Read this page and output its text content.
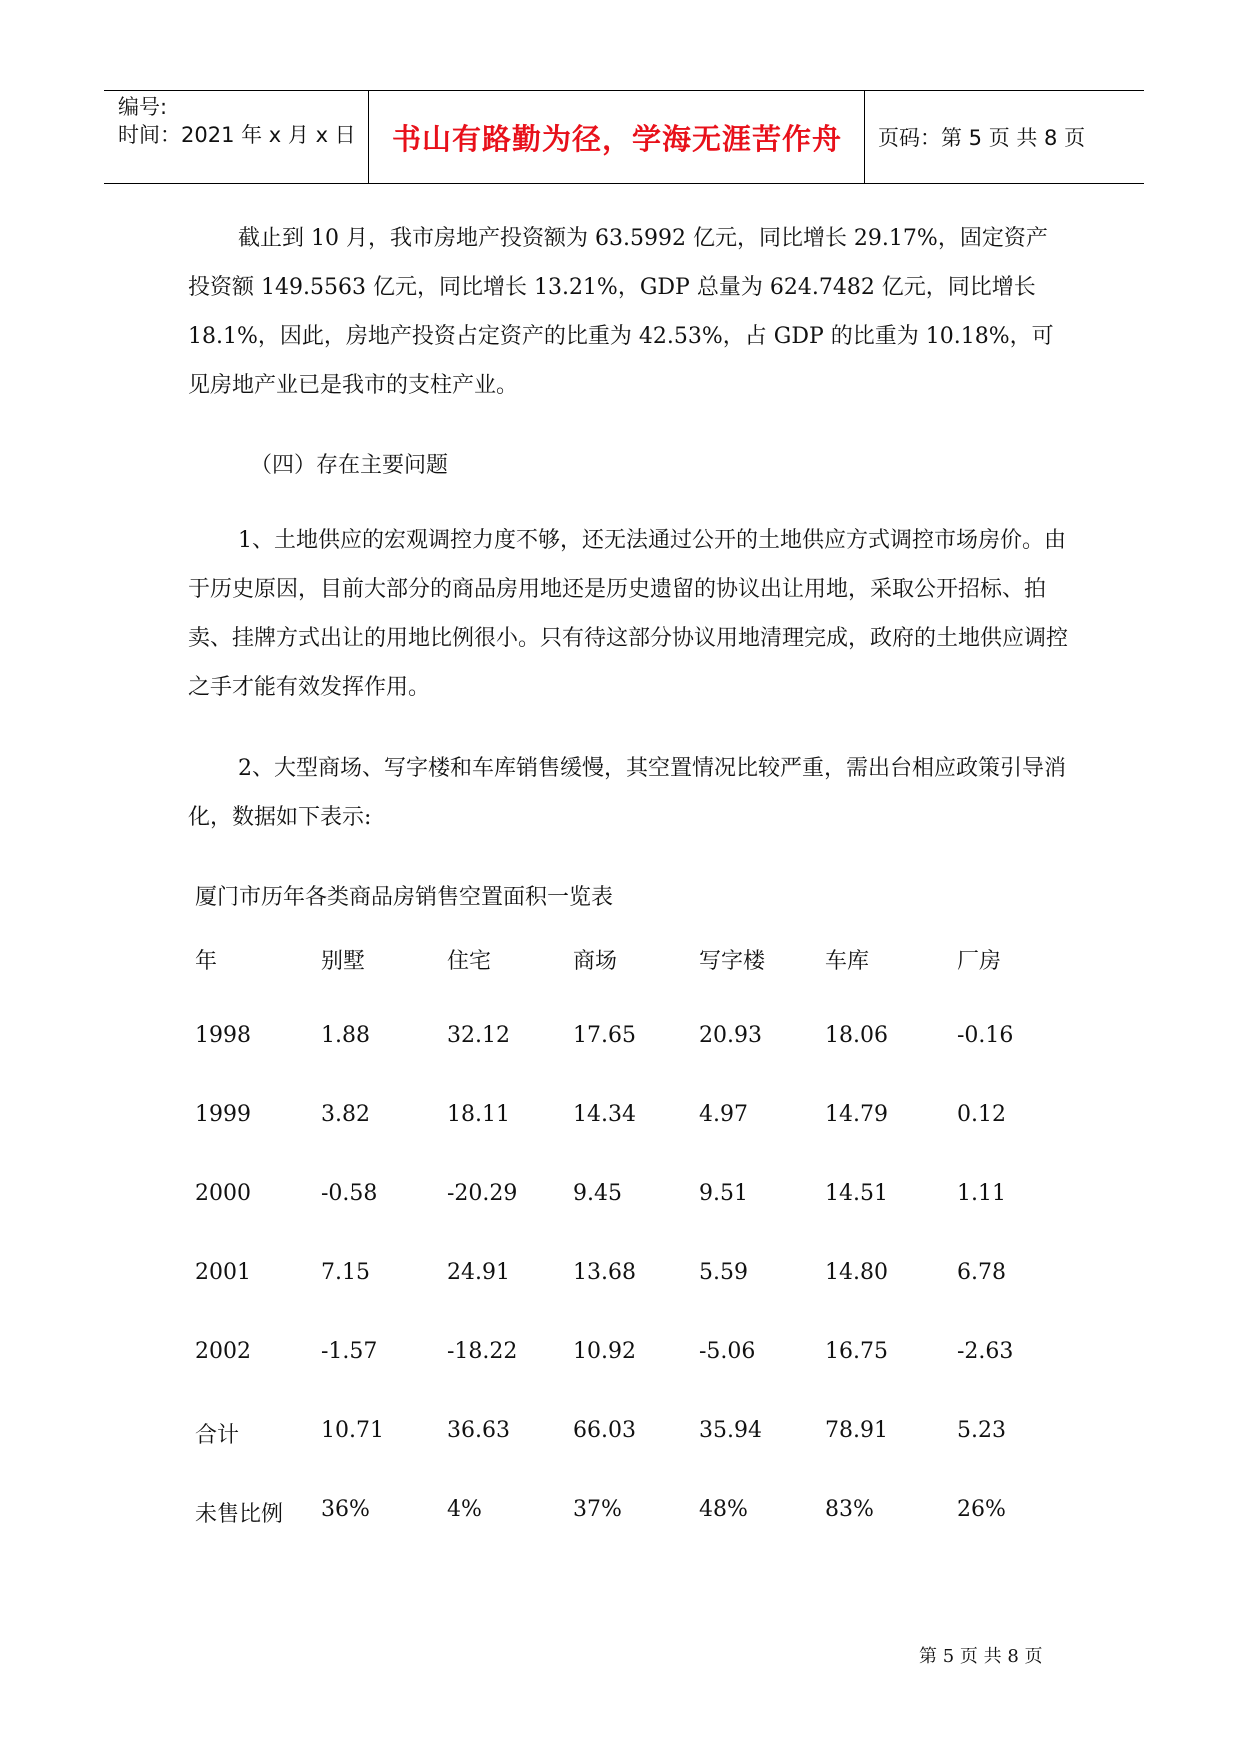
编号:
时间：2021 年 x 月 x 日 书山有路勤为径，学海无涯苦作舟 页码：第 5 页 共 8 页
截止到 10 月，我市房地产投资额为 63.5992 亿元，同比增长 29.17%，固定资产投资额 149.5563 亿元，同比增长 13.21%，GDP 总量为 624.7482 亿元，同比增长 18.1%，因此，房地产投资占定资产的比重为 42.53%，占 GDP 的比重为 10.18%，可见房地产业已是我市的支柱产业。
（四）存在主要问题
1、土地供应的宏观调控力度不够，还无法通过公开的土地供应方式调控市场房价。由于历史原因，目前大部分的商品房用地还是历史遗留的协议出让用地，采取公开招标、拍卖、挂牌方式出让的用地比例很小。只有待这部分协议用地清理完成，政府的土地供应调控之手才能有效发挥作用。
2、大型商场、写字楼和车库销售缓慢，其空置情况比较严重，需出台相应政策引导消化，数据如下表示:
厦门市历年各类商品房销售空置面积一览表
年	别墅	住宅	商场	写字楼	车库	厂房
1998	1.88	32.12	17.65	20.93	18.06	-0.16
1999	3.82	18.11	14.34	4.97	14.79	0.12
2000	-0.58	-20.29	9.45	9.51	14.51	1.11
2001	7.15	24.91	13.68	5.59	14.80	6.78
2002	-1.57	-18.22	10.92	-5.06	16.75	-2.63
合计	10.71	36.63	66.03	35.94	78.91	5.23
未售比例 36%	4%	37%	48%	83%	26%
第 5 页 共 8 页
